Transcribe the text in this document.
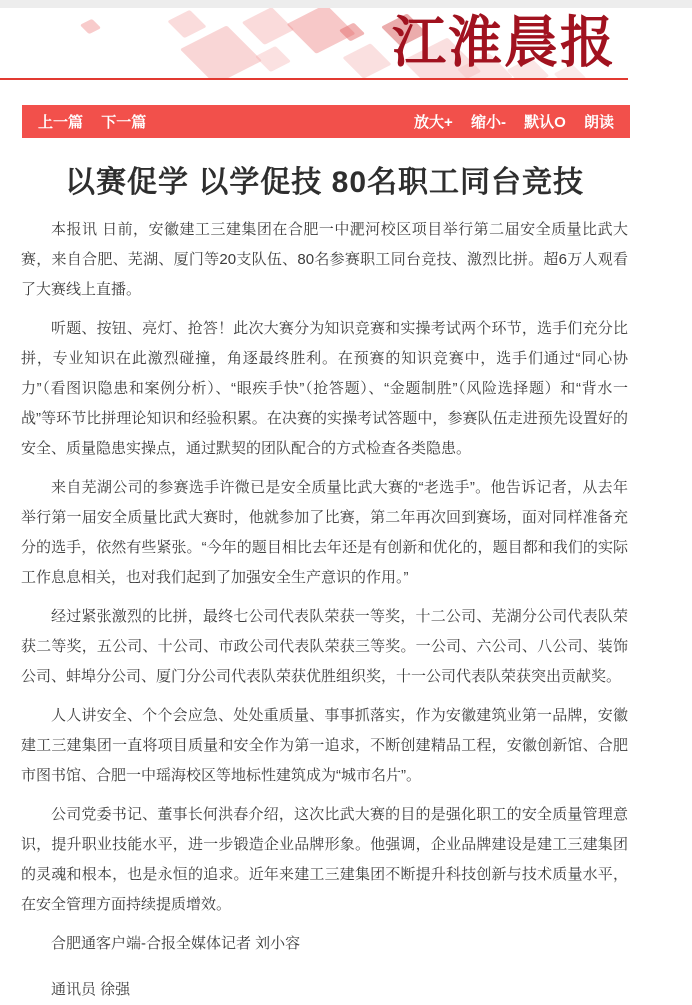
江淮晨报
上一篇 下一篇	放大+ 缩小- 默认O 朗读
以赛促学 以学促技 80名职工同台竞技

本报讯 日前，安徽建工三建集团在合肥一中淝河校区项目举行第二届安全质量比武大赛，来自合肥、芜湖、厦门等20支队伍、80名参赛职工同台竞技、激烈比拼。超6万人观看了大赛线上直播。

听题、按钮、亮灯、抢答！此次大赛分为知识竞赛和实操考试两个环节，选手们充分比拼，专业知识在此激烈碰撞，角逐最终胜利。在预赛的知识竞赛中，选手们通过“同心协力”（看图识隐患和案例分析）、“眼疾手快”（抢答题）、“金题制胜”（风险选择题）和“背水一战”等环节比拼理论知识和经验积累。在决赛的实操考试答题中，参赛队伍走进预先设置好的安全、质量隐患实操点，通过默契的团队配合的方式检查各类隐患。

来自芜湖公司的参赛选手许微已是安全质量比武大赛的“老选手”。他告诉记者，从去年举行第一届安全质量比武大赛时，他就参加了比赛，第二年再次回到赛场，面对同样准备充分的选手，依然有些紧张。“今年的题目相比去年还是有创新和优化的，题目都和我们的实际工作息息相关，也对我们起到了加强安全生产意识的作用。”

经过紧张激烈的比拼，最终七公司代表队荣获一等奖，十二公司、芜湖分公司代表队荣获二等奖，五公司、十公司、市政公司代表队荣获三等奖。一公司、六公司、八公司、装饰公司、蚌埠分公司、厦门分公司代表队荣获优胜组织奖，十一公司代表队荣获突出贡献奖。

人人讲安全、个个会应急、处处重质量、事事抓落实，作为安徽建筑业第一品牌，安徽建工三建集团一直将项目质量和安全作为第一追求，不断创建精品工程，安徽创新馆、合肥市图书馆、合肥一中瑶海校区等地标性建筑成为“城市名片”。

公司党委书记、董事长何洪春介绍，这次比武大赛的目的是强化职工的安全质量管理意识，提升职业技能水平，进一步锻造企业品牌形象。他强调，企业品牌建设是建工三建集团的灵魂和根本，也是永恒的追求。近年来建工三建集团不断提升科技创新与技术质量水平，在安全管理方面持续提质增效。

合肥通客户端-合报全媒体记者 刘小容

通讯员 徐强
